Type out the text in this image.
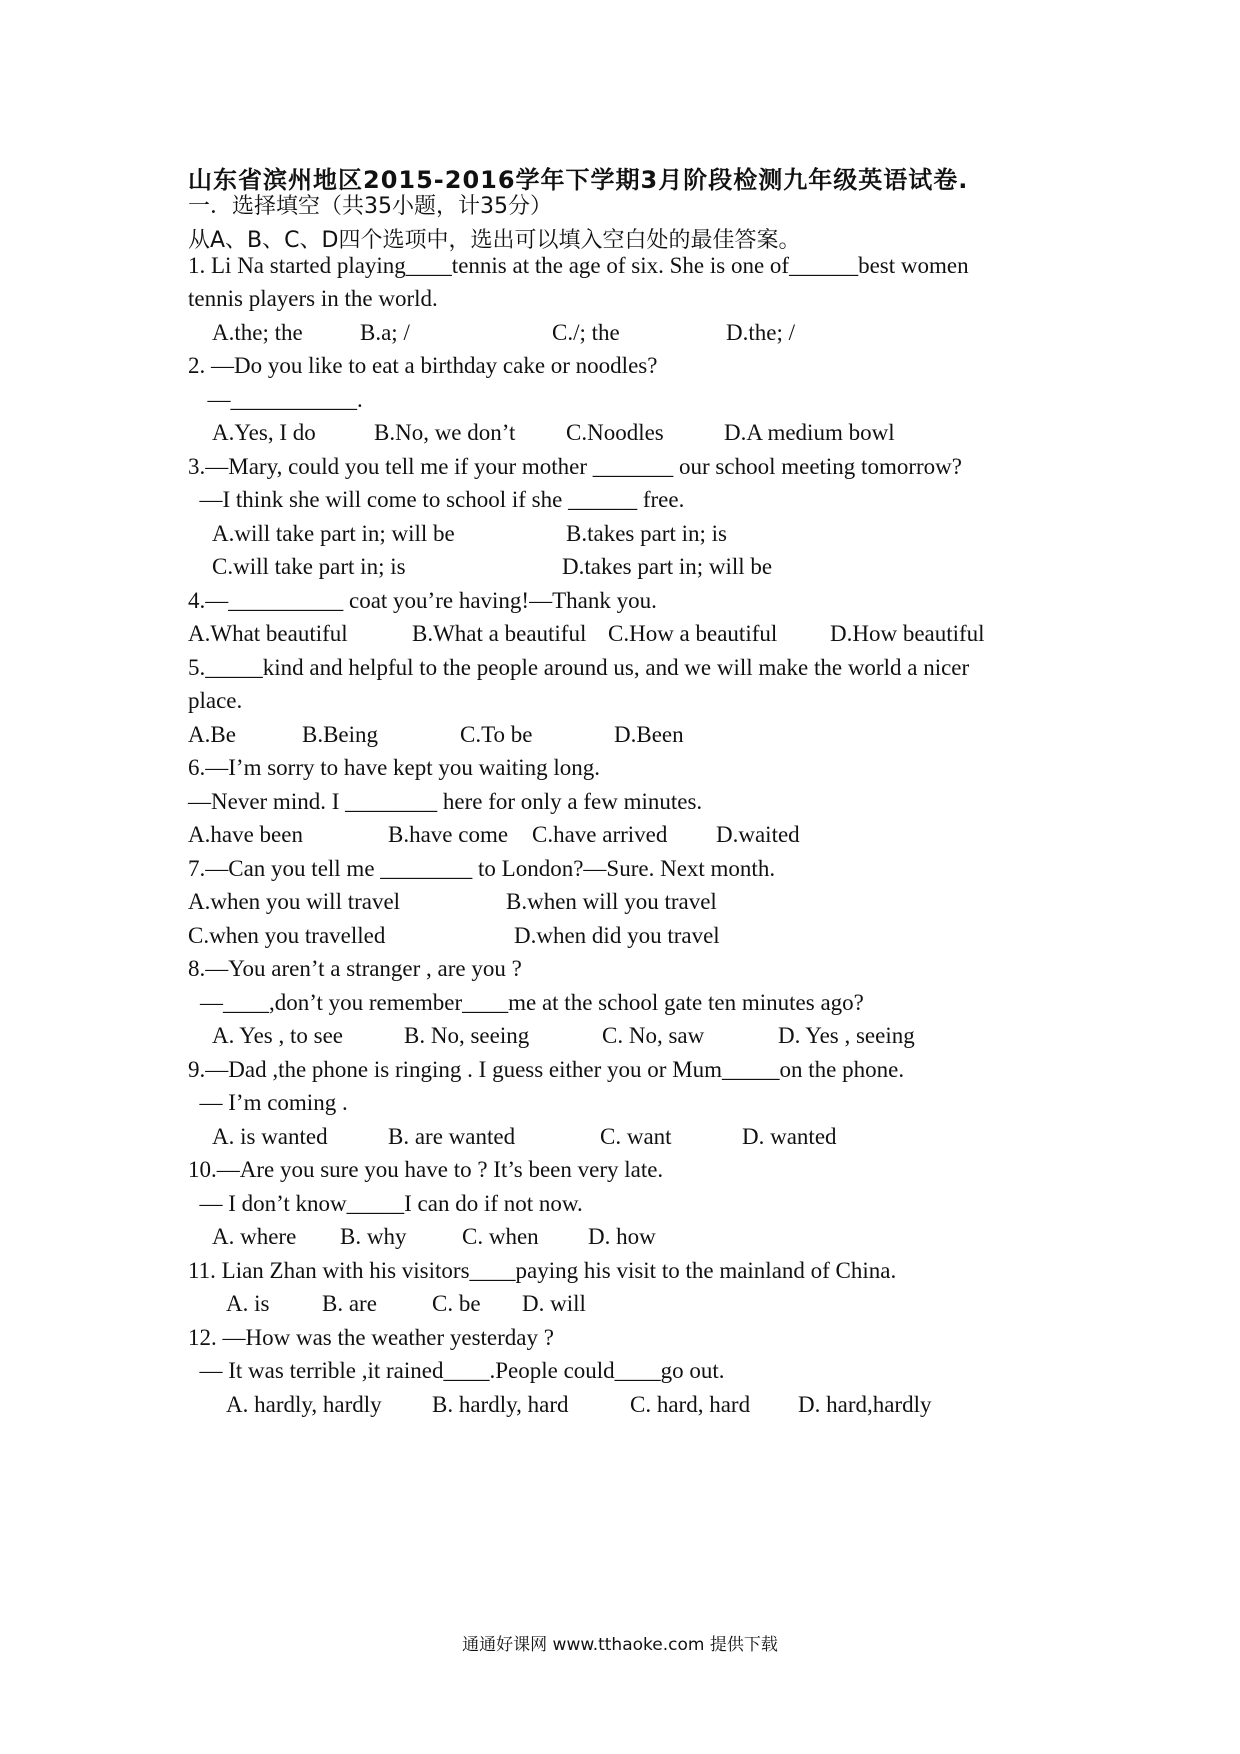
山东省滨州地区2015-2016学年下学期3月阶段检测九年级英语试卷.
一．选择填空（共35小题，计35分）
从A、B、C、D四个选项中，选出可以填入空白处的最佳答案。
1. Li Na started playing____tennis at the age of six. She is one of______best women
tennis players in the world.
A.the; the B.a; /	C./; the	D.the; /
2. —Do you like to eat a birthday cake or noodles?
—___________.
A.Yes, I do	B.No, we don’t C.Noodles	D.A medium bowl
3.—Mary, could you tell me if your mother _______ our school meeting tomorrow?
—I think she will come to school if she ______ free.
A.will take part in; will be	B.takes part in; is
C.will take part in; is	D.takes part in; will be
4.—__________ coat you’re having!—Thank you.
A.What beautiful	B.What a beautiful C.How a beautiful D.How beautiful
5._____kind and helpful to the people around us, and we will make the world a nicer
place.
A.Be	B.Being	C.To be	D.Been
6.—I’m sorry to have kept you waiting long.
—Never mind. I ________ here for only a few minutes.
A.have been	B.have come C.have arrived D.waited
7.—Can you tell me ________ to London?—Sure. Next month.
A.when you will travel	B.when will you travel
C.when you travelled	D.when did you travel
8.—You aren’t a stranger , are you ?
—____,don’t you remember____me at the school gate ten minutes ago?
A. Yes , to see	B. No, seeing	C. No, saw	D. Yes , seeing
9.—Dad ,the phone is ringing . I guess either you or Mum_____on the phone.
— I’m coming .
A. is wanted	B. are wanted	C. want	D. wanted
10.—Are you sure you have to ? It’s been very late.
— I don’t know_____I can do if not now.
A. where B. why C. when D. how
11. Lian Zhan with his visitors____paying his visit to the mainland of China.
A. is B. are C. be D. will
12. —How was the weather yesterday ?
— It was terrible ,it rained____.People could____go out.
A. hardly, hardly B. hardly, hard	C. hard, hard D. hard,hardly
通通好课网 www.tthaoke.com 提供下载
